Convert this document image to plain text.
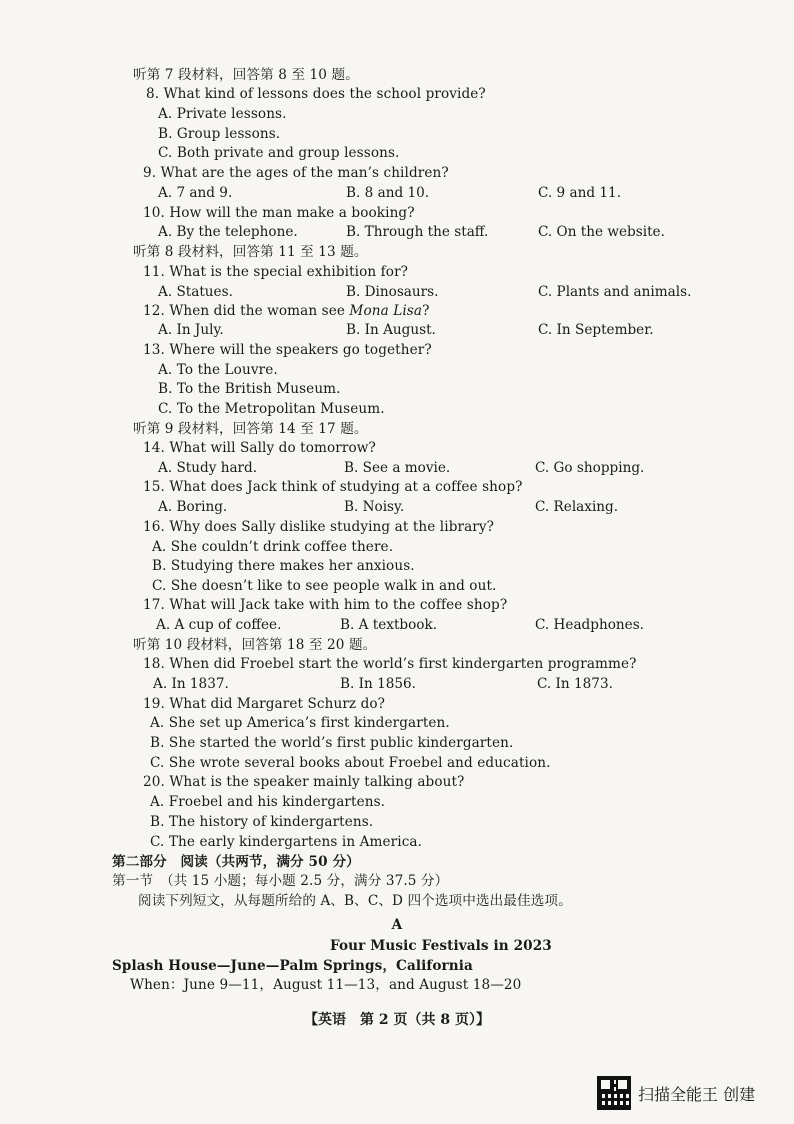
听第 7 段材料，回答第 8 至 10 题。
8. What kind of lessons does the school provide?
A. Private lessons.
B. Group lessons.
C. Both private and group lessons.
9. What are the ages of the man’s children?
A. 7 and 9.	B. 8 and 10.	C. 9 and 11.
10. How will the man make a booking?
A. By the telephone.	B. Through the staff.	C. On the website.
听第 8 段材料，回答第 11 至 13 题。
11. What is the special exhibition for?
A. Statues.	B. Dinosaurs.	C. Plants and animals.
12. When did the woman see Mona Lisa?
A. In July.	B. In August.	C. In September.
13. Where will the speakers go together?
A. To the Louvre.
B. To the British Museum.
C. To the Metropolitan Museum.
听第 9 段材料，回答第 14 至 17 题。
14. What will Sally do tomorrow?
A. Study hard.	B. See a movie.	C. Go shopping.
15. What does Jack think of studying at a coffee shop?
A. Boring.	B. Noisy.	C. Relaxing.
16. Why does Sally dislike studying at the library?
A. She couldn’t drink coffee there.
B. Studying there makes her anxious.
C. She doesn’t like to see people walk in and out.
17. What will Jack take with him to the coffee shop?
A. A cup of coffee.	B. A textbook.	C. Headphones.
听第 10 段材料，回答第 18 至 20 题。
18. When did Froebel start the world’s first kindergarten programme?
A. In 1837.	B. In 1856.	C. In 1873.
19. What did Margaret Schurz do?
A. She set up America’s first kindergarten.
B. She started the world’s first public kindergarten.
C. She wrote several books about Froebel and education.
20. What is the speaker mainly talking about?
A. Froebel and his kindergartens.
B. The history of kindergartens.
C. The early kindergartens in America.
第二部分　阅读（共两节，满分 50 分）
第一节　（共 15 小题；每小题 2.5 分，满分 37.5 分）
阅读下列短文，从每题所给的 A、B、C、D 四个选项中选出最佳选项。
A
Four Music Festivals in 2023
Splash House—June—Palm Springs，California
When：June 9—11，August 11—13，and August 18—20
【英语　第 2 页（共 8 页）】
扫描全能王 创建
